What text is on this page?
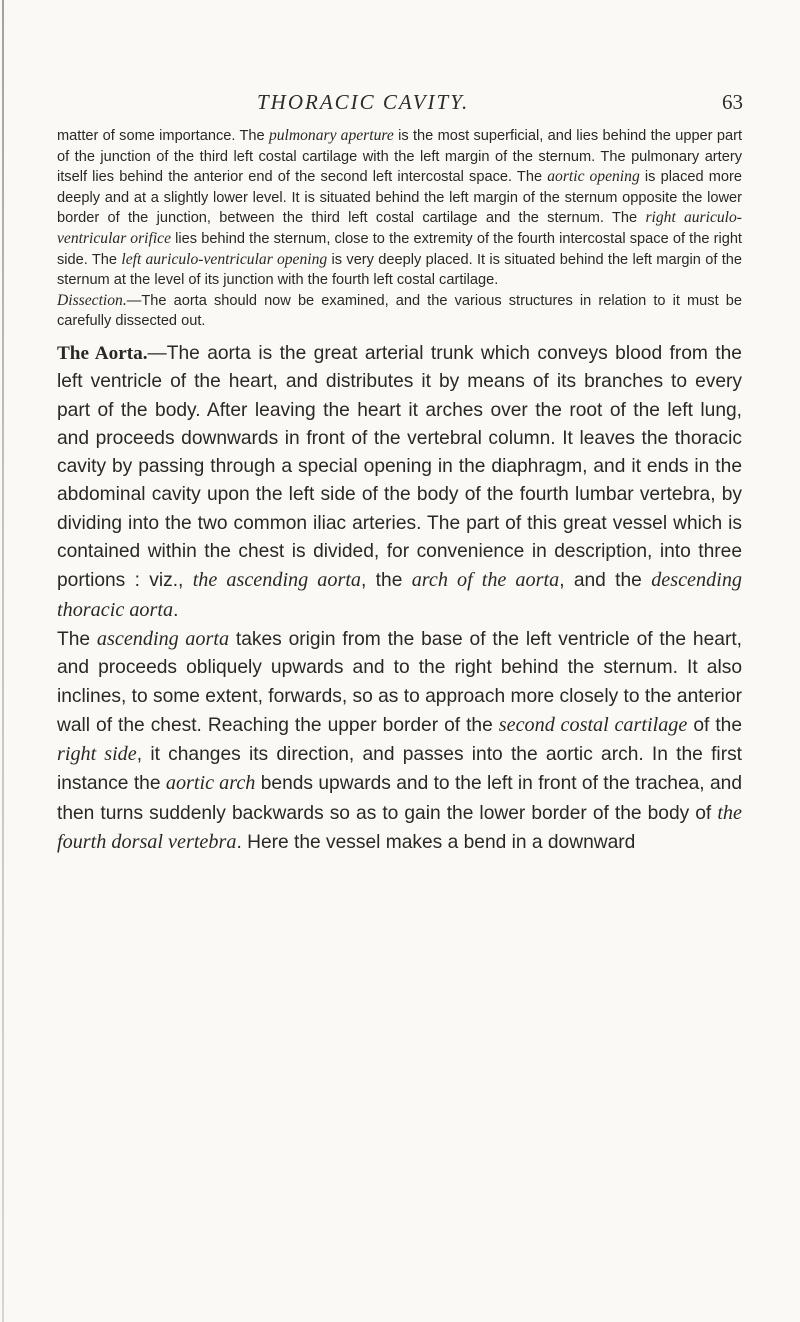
THORACIC CAVITY.	63

matter of some importance. The pulmonary aperture is the most superficial, and lies behind the upper part of the junction of the third left costal cartilage with the left margin of the sternum. The pulmonary artery itself lies behind the anterior end of the second left intercostal space. The aortic opening is placed more deeply and at a slightly lower level. It is situated behind the left margin of the sternum opposite the lower border of the junction, between the third left costal cartilage and the sternum. The right auriculo-ventricular orifice lies behind the sternum, close to the extremity of the fourth intercostal space of the right side. The left auriculo-ventricular opening is very deeply placed. It is situated behind the left margin of the sternum at the level of its junction with the fourth left costal cartilage.

Dissection.—The aorta should now be examined, and the various structures in relation to it must be carefully dissected out.

The Aorta.—The aorta is the great arterial trunk which conveys blood from the left ventricle of the heart, and distributes it by means of its branches to every part of the body. After leaving the heart it arches over the root of the left lung, and proceeds downwards in front of the vertebral column. It leaves the thoracic cavity by passing through a special opening in the diaphragm, and it ends in the abdominal cavity upon the left side of the body of the fourth lumbar vertebra, by dividing into the two common iliac arteries. The part of this great vessel which is contained within the chest is divided, for convenience in description, into three portions : viz., the ascending aorta, the arch of the aorta, and the descending thoracic aorta.

The ascending aorta takes origin from the base of the left ventricle of the heart, and proceeds obliquely upwards and to the right behind the sternum. It also inclines, to some extent, forwards, so as to approach more closely to the anterior wall of the chest. Reaching the upper border of the second costal cartilage of the right side, it changes its direction, and passes into the aortic arch. In the first instance the aortic arch bends upwards and to the left in front of the trachea, and then turns suddenly backwards so as to gain the lower border of the body of the fourth dorsal vertebra. Here the vessel makes a bend in a downward
